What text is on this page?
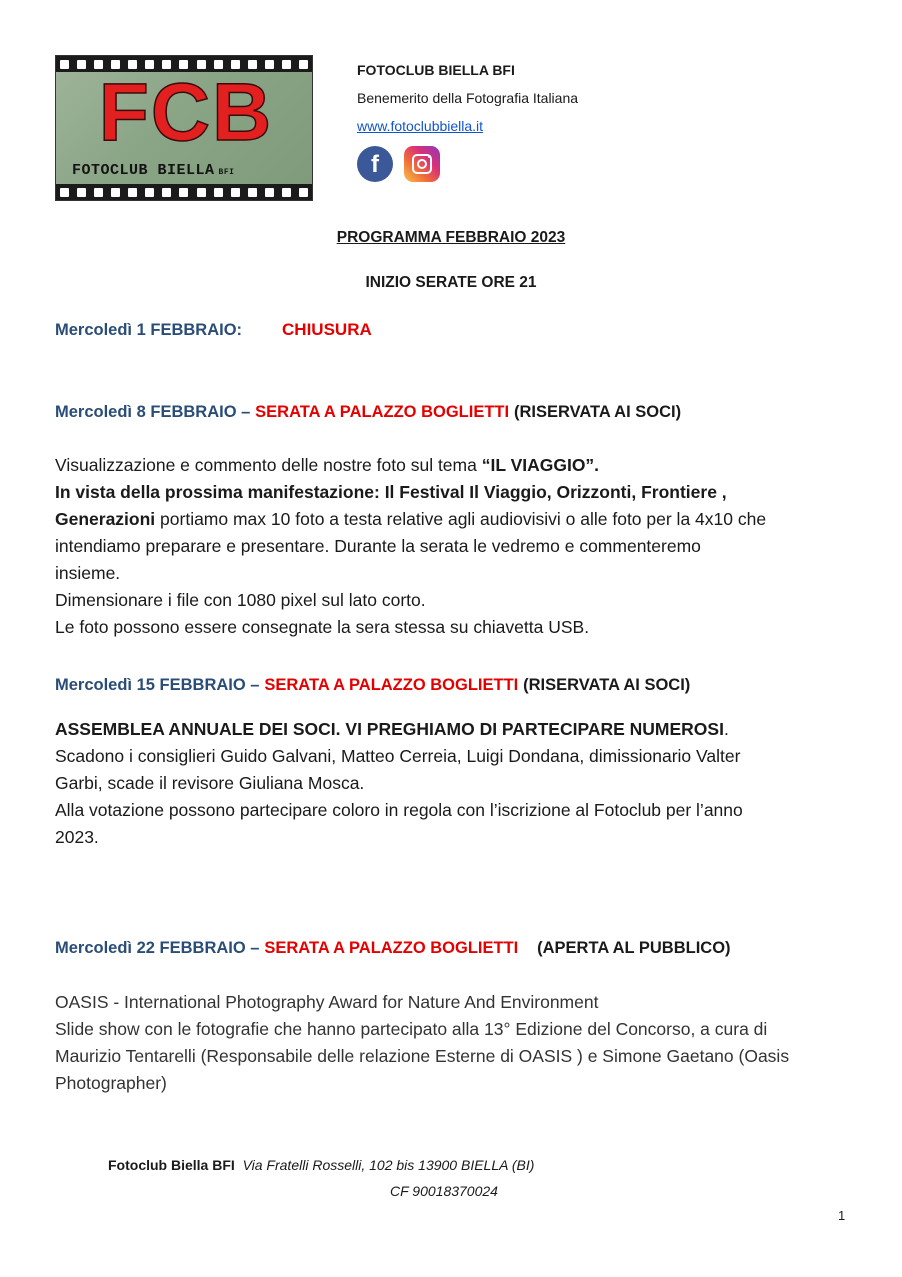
FCB
FOTOCLUB BIELLA BFI
FOTOCLUB BIELLA BFI
Benemerito della Fotografia Italiana
www.fotoclubbiella.it
f
PROGRAMMA FEBBRAIO 2023
INIZIO SERATE ORE 21
Mercoledì 1 FEBBRAIO: CHIUSURA
Mercoledì 8 FEBBRAIO – SERATA A PALAZZO BOGLIETTI (RISERVATA AI SOCI)
Visualizzazione e commento delle nostre foto sul tema “IL VIAGGIO”.
In vista della prossima manifestazione: Il Festival Il Viaggio, Orizzonti, Frontiere ,
Generazioni portiamo max 10 foto a testa relative agli audiovisivi o alle foto per la 4x10 che
intendiamo preparare e presentare. Durante la serata le vedremo e commenteremo
insieme.
Dimensionare i file con 1080 pixel sul lato corto.
Le foto possono essere consegnate la sera stessa su chiavetta USB.
Mercoledì 15 FEBBRAIO – SERATA A PALAZZO BOGLIETTI (RISERVATA AI SOCI)
ASSEMBLEA ANNUALE DEI SOCI. VI PREGHIAMO DI PARTECIPARE NUMEROSI.
Scadono i consiglieri Guido Galvani, Matteo Cerreia, Luigi Dondana, dimissionario Valter
Garbi, scade il revisore Giuliana Mosca.
Alla votazione possono partecipare coloro in regola con l’iscrizione al Fotoclub per l’anno
2023.
Mercoledì 22 FEBBRAIO – SERATA A PALAZZO BOGLIETTI (APERTA AL PUBBLICO)
OASIS - International Photography Award for Nature And Environment
Slide show con le fotografie che hanno partecipato alla 13° Edizione del Concorso, a cura di
Maurizio Tentarelli (Responsabile delle relazione Esterne di OASIS ) e Simone Gaetano (Oasis
Photographer)
Fotoclub Biella BFI Via Fratelli Rosselli, 102 bis 13900 BIELLA (BI)
CF 90018370024
1
